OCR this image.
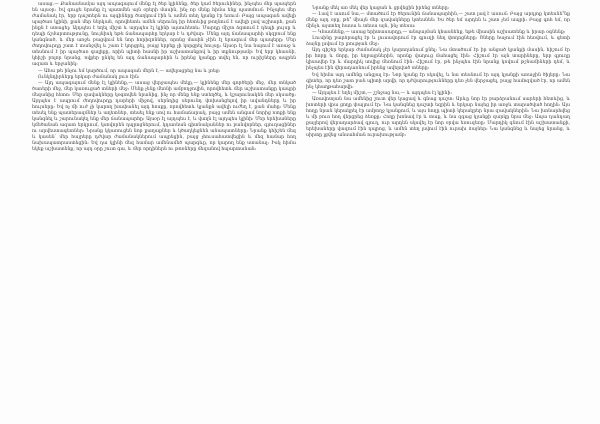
ասաց.— Քանասնամյա այդ ապագայում մենք էլ ծեր կլինենք, ծեր կամ ծերունիներ, ինչպես մեր պապերն են այսօր։ Եվ գուցե նրանք էլ պատմեն այն օրերի մասին, ինչ որ մենք հիմա ենք պատմում։ Ինչպես մեր ժամանակ էր, երբ դաշտերն ու այգիները ծաղկում էին և ամեն տեղ կյանք էր եռում։ Բայց ապագան ավելի պայծառ կլինի, քան մեր ներկան, որովհետև ամեն սերունդ իր հետևից թողնում է ավելի լավ աշխարհ, քան ինքն է ստացել։ Այդպես է եղել միշտ և այդպես էլ կլինի այսուհետև։ Մարդը միշտ ձգտում է դեպի լույսը և դեպի ճշմարտությունը, նույնիսկ եթե ճանապարհը երկար է և դժվար։ Մենք այդ ճանապարհի սկզբում ենք կանգնած, և մեր առջև բացվում են նոր հորիզոններ, որոնց մասին չէին էլ երազում մեր պապերը։ Մեր ժողովուրդը շատ է տանջվել և շատ է կորցրել, բայց երբեք չի կորցրել հույսը։ Այսօր էլ նա նայում է առաջ և տեսնում է իր պայծառ գալիքը, որին պիտի հասնի իր աշխատանքով և իր տքնությամբ։ Եվ երբ կհասնի, կհիշի բոլոր նրանց, ովքեր ընկել են այդ ճանապարհին և իրենց կյանքը տվել են, որ ուրիշները ապրեն ազատ և երջանիկ։

— Ահա թե ինչու եմ կարծում, որ ապագան մերն է,— ավելացրեց նա և լռեց։

Ունկնդիրները երկար ժամանակ լուռ էին։

— Այդ ապագայում մենք էլ կլինենք,— ասաց վերջապես մեկը,— կլինենք մեր գործերի մեջ, մեր տնկած ծառերի մեջ, մեր կառուցած տների մեջ։ Մենք չենք մեռնի ամբողջովին, որովհետև մեր աշխատանքը կապրի մեզանից հետո։ Մեր զավակները կօգտվեն նրանից, ինչ որ մենք ենք ստեղծել, և կշարունակեն մեր սկսածը։ Այդպես է ապրում ժողովուրդը դարերի միջով, սերնդից սերունդ փոխանցելով իր ավանդները և իր հույսերը։ Եվ ոչ մի ուժ չի կարող խափանել այդ հոսքը, որովհետև կյանքն ավելի ուժեղ է, քան մահը։ Մենք տեսել ենք պատերազմներ և աղետներ, տեսել ենք սով ու համաճարակ, բայց ամեն անգամ նորից ոտքի ենք կանգնել և շարունակել ենք մեր ճանապարհը։ Այսօր էլ այդպես է, և վաղն էլ այդպես կլինի։ Մեր երեխաները կմեծանան ազատ երկրում, կսովորեն դպրոցներում, կդառնան գիտնականներ ու բանվորներ, գյուղացիներ ու արվեստագետներ։ Նրանք կկառուցեն նոր քաղաքներ և կծաղկեցնեն անապատները։ Նրանք կհիշեն մեզ և կասեն՝ մեր հայրերը դժվար ժամանակներում ապրեցին, բայց չհուսահատվեցին և մեզ համար հող նախապատրաստեցին։ Եվ դա կլինի մեզ համար ամենամեծ պարգևը, որ կարող ենք ստանալ։ Իսկ հիմա եկեք աշխատենք, որ այդ օրը շուտ գա, և մեր որդիներն ու թոռները մեզանով հպարտանան։

Նրանք մեկ առ մեկ վեր կացան և ցրվեցին իրենց տները։

— Լավ է ասում նա,— մտածում էր ծերունին ճանապարհին,— շատ լավ է ասում։ Բայց արդյոք կտեսնե՞նք մենք այդ օրը, թե՞ միայն մեր զավակները կտեսնեն։ Ես ծեր եմ արդեն և շատ չեմ ապրի։ Բայց գոհ եմ, որ մինչև այստեղ հասա և տեսա այն, ինչ տեսա։

— Կհասնենք,— ասաց երիտասարդը,— անպայման կհասնենք, եթե միասին աշխատենք և իրար օգնենք։

Լուսինը բարձրացել էր և լուսավորում էր գյուղի նեղ փողոցները։ Շները հաչում էին հեռվում, և գետի ձայնը լսվում էր լռության մեջ։

Այդ գիշեր երկար ժամանակ չէր կարողանում քնել։ Նա մտածում էր իր անցած կյանքի մասին, հիշում էր իր հորը և մորը, իր եղբայրներին, որոնք վաղուց մահացել էին։ Հիշում էր այն տարիները, երբ գյուղը կիսավեր էր և մարդիկ սովից մեռնում էին։ Հիշում էր, թե ինչպես էին նրանք կռվում թշնամիների դեմ, և ինչպես էին վերադառնում իրենց ավերված տները։

Եվ հիմա այդ ամենը անցյալ էր։ Նոր կյանք էր սկսվել, և նա տեսնում էր այդ կյանքի առաջին ծիլերը։ Նա գիտեր, որ դեռ շատ բան պիտի արվի, որ դժվարությունները դեռ չեն վերջացել, բայց համոզված էր, որ ամեն ինչ կհաղթահարվի։

— Այդպես է եղել միշտ,— շշնջաց նա,— և այդպես էլ կլինի։

Առավոտյան նա ամենից շուտ վեր կացավ և գնաց դաշտ։ Արևը նոր էր բարձրանում սարերի հետևից, և խոտերի վրա ցողը փայլում էր։ Նա կանգնեց դաշտի եզրին և երկար նայեց իր առջև տարածված հողին։ Այս հողը նրան կերակրել էր ամբողջ կյանքում, և այս հողը պիտի կերակրեր նրա զավակներին։ Նա խոնարհվեց և մի բուռ հող վերցրեց ձեռքը։ Հողը խոնավ էր և տաք, և նա զգաց կյանքի զարկը նրա մեջ։ Ապա դանդաղ քայլերով վերադարձավ գյուղ, ուր արդեն սկսվել էր նոր օրվա եռուզեռը։ Մարդիկ գնում էին աշխատանքի, երեխաները վազում էին դպրոց, և ամեն տեղ լսվում էին ուրախ ձայներ։ Նա կանգնեց և նայեց նրանց, և սիրտը լցվեց անսահման ուրախությամբ։
